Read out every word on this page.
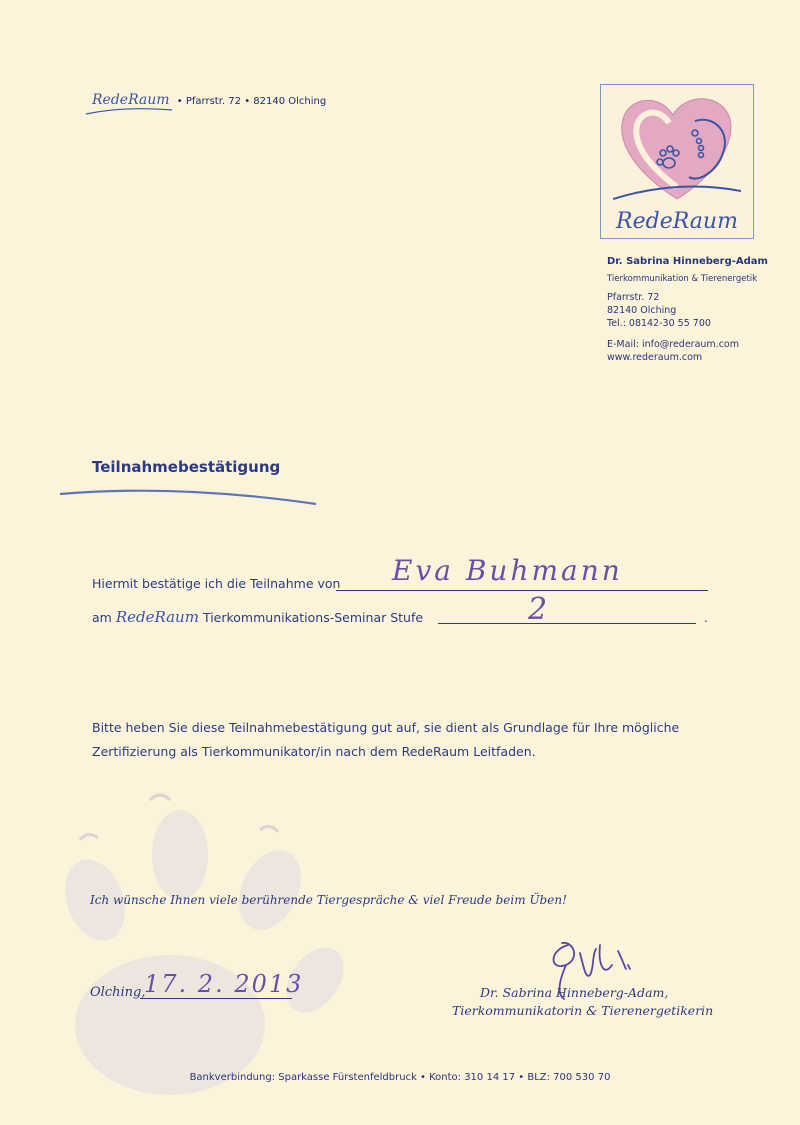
RedeRaum • Pfarrstr. 72 • 82140 Olching
RedeRaum
Dr. Sabrina Hinneberg-Adam
Tierkommunikation & Tierenergetik
Pfarrstr. 72
82140 Olching
Tel.: 08142-30 55 700
E-Mail: info@rederaum.com
www.rederaum.com
Teilnahmebestätigung
Hiermit bestätige ich die Teilnahme von Eva Buhmann
am RedeRaum Tierkommunikations-Seminar Stufe	2	.
Bitte heben Sie diese Teilnahmebestätigung gut auf, sie dient als Grundlage für Ihre mögliche
Zertifizierung als Tierkommunikator/in nach dem RedeRaum Leitfaden.
Ich wünsche Ihnen viele berührende Tiergespräche & viel Freude beim Üben!
Olching,
17. 2. 2013	Dr. Sabrina Hinneberg-Adam,
Tierkommunikatorin & Tierenergetikerin
Bankverbindung: Sparkasse Fürstenfeldbruck • Konto: 310 14 17 • BLZ: 700 530 70
